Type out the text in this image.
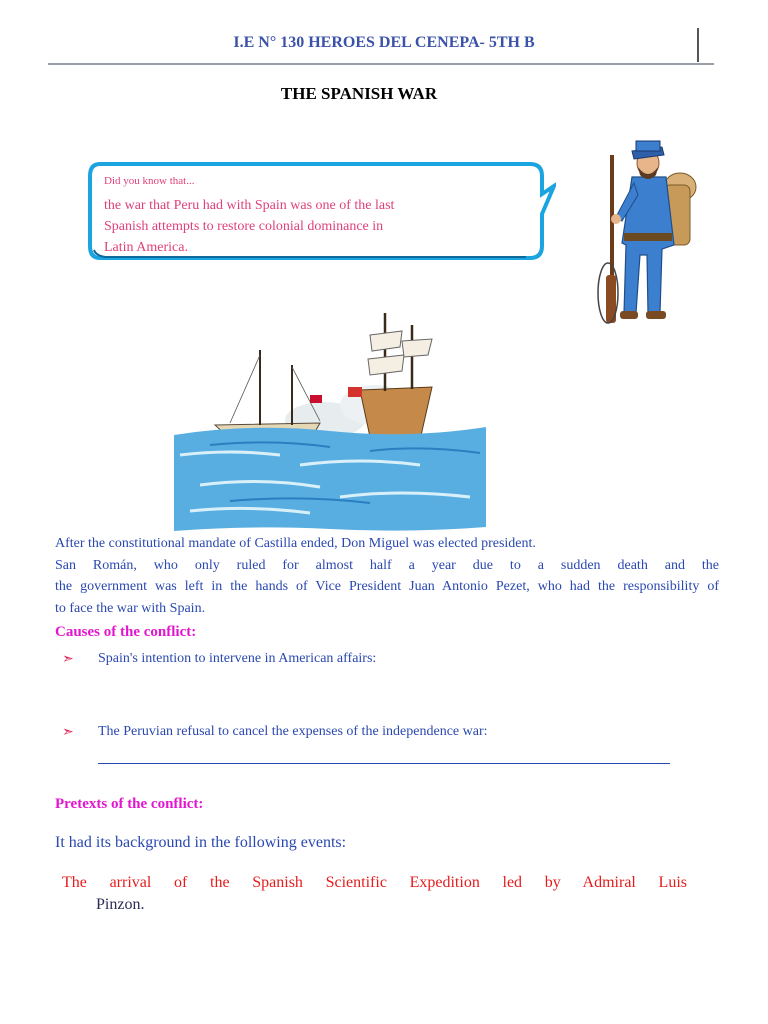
I.E N° 130 HEROES DEL CENEPA- 5TH B
THE SPANISH WAR
Did you know that...
the war that Peru had with Spain was one of the last
Spanish attempts to restore colonial dominance in
Latin America.
After the constitutional mandate of Castilla ended, Don Miguel was elected president.
San Román, who only ruled for almost half a year due to a sudden death and the
the government was left in the hands of Vice President Juan Antonio Pezet, who had the responsibility of
to face the war with Spain.
Causes of the conflict:
➣ Spain's intention to intervene in American affairs:
➣ The Peruvian refusal to cancel the expenses of the independence war:
Pretexts of the conflict:
It had its background in the following events:
The arrival of the Spanish Scientific Expedition led by Admiral Luis
Pinzon.
